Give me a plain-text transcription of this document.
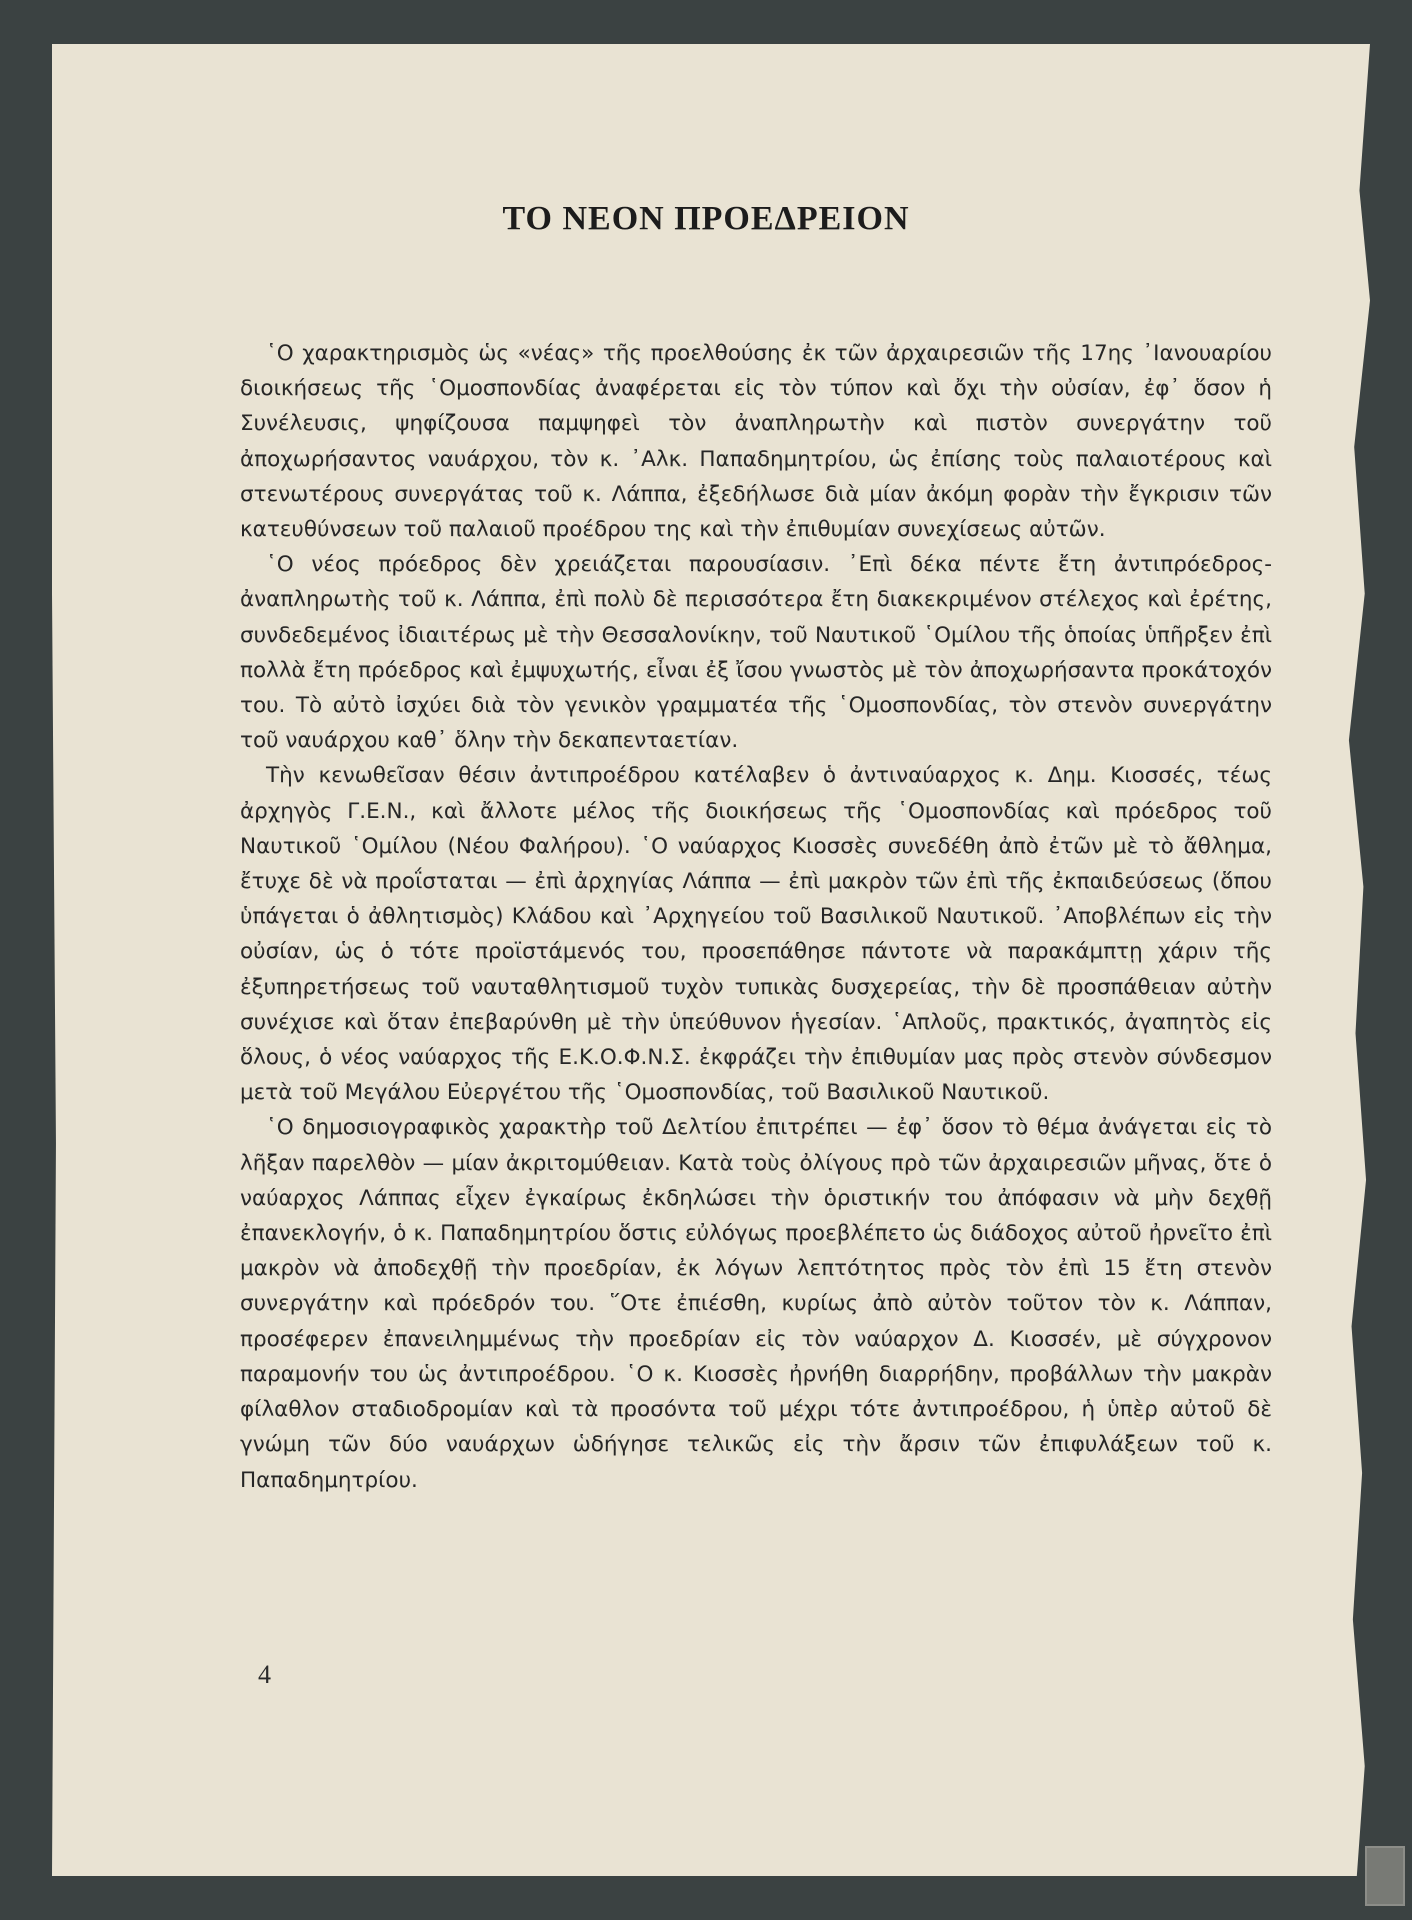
ΤΟ ΝΕΟΝ ΠΡΟΕΔΡΕΙΟΝ

῾Ο χαρακτηρισμὸς ὡς «νέας» τῆς προελθούσης ἐκ τῶν ἀρχαιρεσιῶν τῆς 17ης ᾿Ιανουαρίου διοικήσεως τῆς ῾Ομοσπονδίας ἀναφέρεται εἰς τὸν τύπον καὶ ὄχι τὴν οὐσίαν, ἐφ᾿ ὅσον ἡ Συνέλευσις, ψηφίζουσα παμψηφεὶ τὸν ἀναπληρωτὴν καὶ πιστὸν συνεργάτην τοῦ ἀποχωρήσαντος ναυάρχου, τὸν κ. ᾿Αλκ. Παπαδημητρίου, ὡς ἐπίσης τοὺς παλαιοτέρους καὶ στενωτέρους συνεργάτας τοῦ κ. Λάππα, ἐξεδήλωσε διὰ μίαν ἀκόμη φορὰν τὴν ἔγκρισιν τῶν κατευθύνσεων τοῦ παλαιοῦ προέδρου της καὶ τὴν ἐπιθυμίαν συνεχίσεως αὐτῶν.

῾Ο νέος πρόεδρος δὲν χρειάζεται παρουσίασιν. ᾿Επὶ δέκα πέντε ἔτη ἀντιπρόεδρος-ἀναπληρωτὴς τοῦ κ. Λάππα, ἐπὶ πολὺ δὲ περισσότερα ἔτη διακεκριμένον στέλεχος καὶ ἐρέτης, συνδεδεμένος ἰδιαιτέρως μὲ τὴν Θεσσαλονίκην, τοῦ Ναυτικοῦ ῾Ομίλου τῆς ὁποίας ὑπῆρξεν ἐπὶ πολλὰ ἔτη πρόεδρος καὶ ἐμψυχωτής, εἶναι ἐξ ἴσου γνωστὸς μὲ τὸν ἀποχωρήσαντα προκάτοχόν του. Τὸ αὐτὸ ἰσχύει διὰ τὸν γενικὸν γραμματέα τῆς ῾Ομοσπονδίας, τὸν στενὸν συνεργάτην τοῦ ναυάρχου καθ᾿ ὅλην τὴν δεκαπενταετίαν.

Τὴν κενωθεῖσαν θέσιν ἀντιπροέδρου κατέλαβεν ὁ ἀντιναύαρχος κ. Δημ. Κιοσσές, τέως ἀρχηγὸς Γ.Ε.Ν., καὶ ἄλλοτε μέλος τῆς διοικήσεως τῆς ῾Ομοσπονδίας καὶ πρόεδρος τοῦ Ναυτικοῦ ῾Ομίλου (Νέου Φαλήρου). ῾Ο ναύαρχος Κιοσσὲς συνεδέθη ἀπὸ ἐτῶν μὲ τὸ ἄθλημα, ἔτυχε δὲ νὰ προΐσταται — ἐπὶ ἀρχηγίας Λάππα — ἐπὶ μακρὸν τῶν ἐπὶ τῆς ἐκπαιδεύσεως (ὅπου ὑπάγεται ὁ ἀθλητισμὸς) Κλάδου καὶ ᾿Αρχηγείου τοῦ Βασιλικοῦ Ναυτικοῦ. ᾿Αποβλέπων εἰς τὴν οὐσίαν, ὡς ὁ τότε προϊστάμενός του, προσεπάθησε πάντοτε νὰ παρακάμπτῃ χάριν τῆς ἐξυπηρετήσεως τοῦ ναυταθλητισμοῦ τυχὸν τυπικὰς δυσχερείας, τὴν δὲ προσπάθειαν αὐτὴν συνέχισε καὶ ὅταν ἐπεβαρύνθη μὲ τὴν ὑπεύθυνον ἡγεσίαν. ῾Απλοῦς, πρακτικός, ἀγαπητὸς εἰς ὅλους, ὁ νέος ναύαρχος τῆς Ε.Κ.Ο.Φ.Ν.Σ. ἐκφράζει τὴν ἐπιθυμίαν μας πρὸς στενὸν σύνδεσμον μετὰ τοῦ Μεγάλου Εὐεργέτου τῆς ῾Ομοσπονδίας, τοῦ Βασιλικοῦ Ναυτικοῦ.

῾Ο δημοσιογραφικὸς χαρακτὴρ τοῦ Δελτίου ἐπιτρέπει — ἐφ᾿ ὅσον τὸ θέμα ἀνάγεται εἰς τὸ λῆξαν παρελθὸν — μίαν ἀκριτομύθειαν. Κατὰ τοὺς ὀλίγους πρὸ τῶν ἀρχαιρεσιῶν μῆνας, ὅτε ὁ ναύαρχος Λάππας εἶχεν ἐγκαίρως ἐκδηλώσει τὴν ὁριστικήν του ἀπόφασιν νὰ μὴν δεχθῇ ἐπανεκλογήν, ὁ κ. Παπαδημητρίου ὅστις εὐλόγως προεβλέπετο ὡς διάδοχος αὐτοῦ ἠρνεῖτο ἐπὶ μακρὸν νὰ ἀποδεχθῇ τὴν προεδρίαν, ἐκ λόγων λεπτότητος πρὸς τὸν ἐπὶ 15 ἔτη στενὸν συνεργάτην καὶ πρόεδρόν του. ῞Οτε ἐπιέσθη, κυρίως ἀπὸ αὐτὸν τοῦτον τὸν κ. Λάππαν, προσέφερεν ἐπανειλημμένως τὴν προεδρίαν εἰς τὸν ναύαρχον Δ. Κιοσσέν, μὲ σύγχρονον παραμονήν του ὡς ἀντιπροέδρου. ῾Ο κ. Κιοσσὲς ἠρνήθη διαρρήδην, προβάλλων τὴν μακρὰν φίλαθλον σταδιοδρομίαν καὶ τὰ προσόντα τοῦ μέχρι τότε ἀντιπροέδρου, ἡ ὑπὲρ αὐτοῦ δὲ γνώμη τῶν δύο ναυάρχων ὡδήγησε τελικῶς εἰς τὴν ἄρσιν τῶν ἐπιφυλάξεων τοῦ κ. Παπαδημητρίου.

4
